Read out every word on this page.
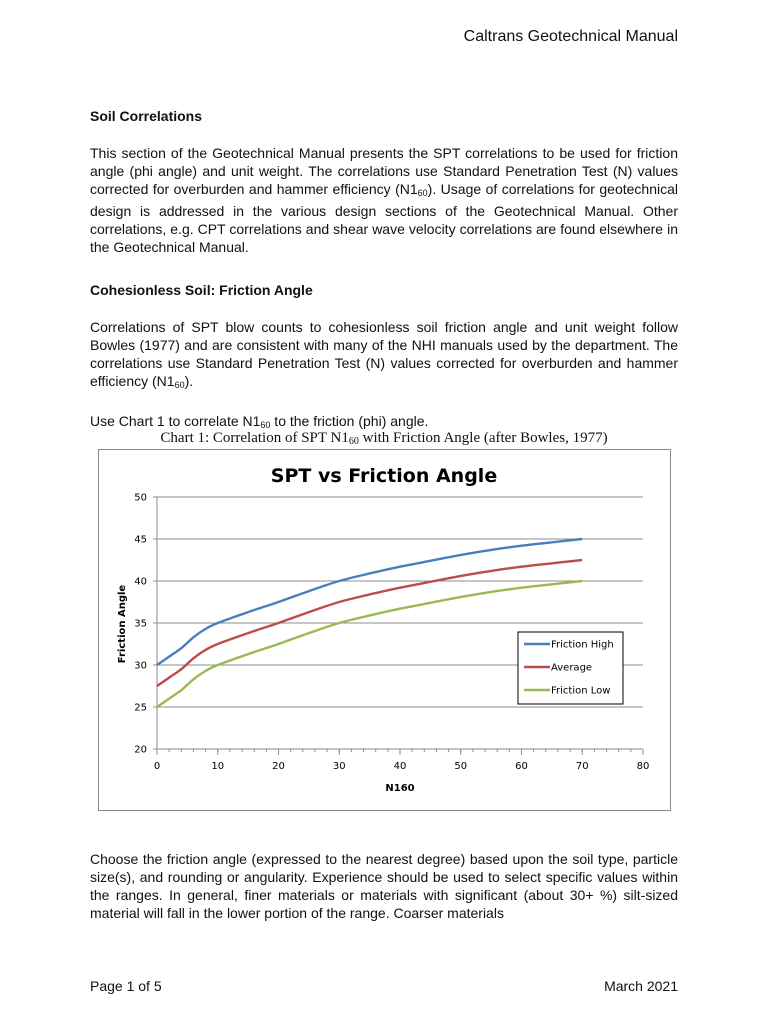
Caltrans Geotechnical Manual
Soil Correlations

This section of the Geotechnical Manual presents the SPT correlations to be used for friction angle (phi angle) and unit weight. The correlations use Standard Penetration Test (N) values corrected for overburden and hammer efficiency $(N1_{60})$. Usage of correlations for geotechnical design is addressed in the various design sections of the Geotechnical Manual. Other correlations, e.g. CPT correlations and shear wave velocity correlations are found elsewhere in the Geotechnical Manual.

Cohesionless Soil: Friction Angle

Correlations of SPT blow counts to cohesionless soil friction angle and unit weight follow Bowles (1977) and are consistent with many of the NHI manuals used by the department. The correlations use Standard Penetration Test (N) values corrected for overburden and hammer efficiency $(N1_{60})$.

Use Chart 1 to correlate $N1_{60}$ to the friction (phi) angle.

Chart 1: Correlation of SPT $N1_{60}$ with Friction Angle (after Bowles, 1977)
SPT vs Friction Angle
20
25
30
35
40
45
50
0	10	20	30	40	50	60	70	80
N160
Friction Angle	Friction High
Average
Friction Low

Choose the friction angle (expressed to the nearest degree) based upon the soil type, particle size(s), and rounding or angularity. Experience should be used to select specific values within the ranges. In general, finer materials or materials with significant (about 30+ %) silt-sized material will fall in the lower portion of the range. Coarser materials

Page 1 of 5	March 2021
